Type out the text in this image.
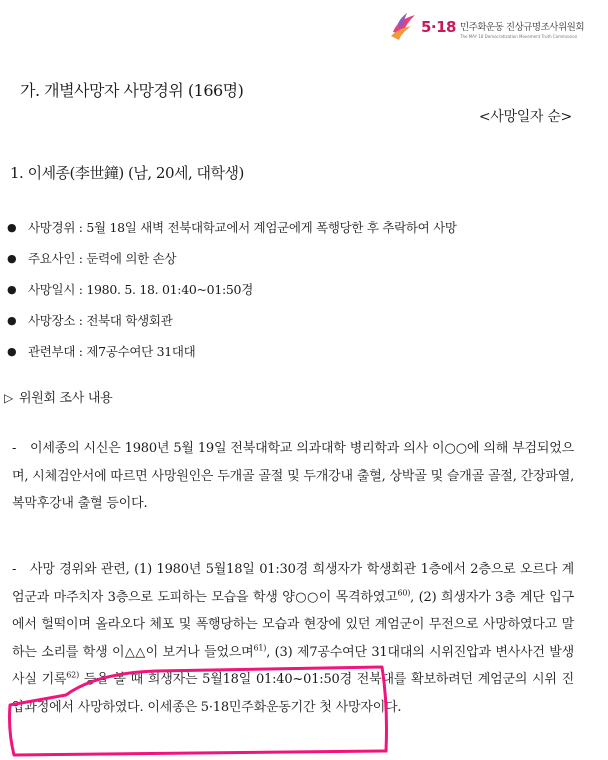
5·18 민주화운동 진상규명조사위원회
The MAY 18 Democratization Movement Truth Commission
가. 개별사망자 사망경위 (166명)
<사망일자 순>
1. 이세종(李世鐘) (남, 20세, 대학생)
● 사망경위 : 5월 18일 새벽 전북대학교에서 계엄군에게 폭행당한 후 추락하여 사망
● 주요사인 : 둔력에 의한 손상
● 사망일시 : 1980. 5. 18. 01:40~01:50경
● 사망장소 : 전북대 학생회관
● 관련부대 : 제7공수여단 31대대
▷ 위원회 조사 내용

- 이세종의 시신은 1980년 5월 19일 전북대학교 의과대학 병리학과 의사 이○○에 의해 부검되었으며, 시체검안서에 따르면 사망원인은 두개골 골절 및 두개강내 출혈, 상박골 및 슬개골 골절, 간장파열, 복막후강내 출혈 등이다.

- 사망 경위와 관련, (1) 1980년 5월18일 01:30경 희생자가 학생회관 1층에서 2층으로 오르다 계엄군과 마주치자 3층으로 도피하는 모습을 학생 양○○이 목격하였고$^{60)}$, (2) 희생자가 3층 계단 입구에서 헐떡이며 올라오다 체포 및 폭행당하는 모습과 현장에 있던 계엄군이 무전으로 사망하였다고 말하는 소리를 학생 이△△이 보거나 들었으며$^{61)}$, (3) 제7공수여단 31대대의 시위진압과 변사사건 발생사실 기록$^{62)}$ 등을 볼 때 희생자는 5월18일 01:40~01:50경 전북대를 확보하려던 계엄군의 시위 진압과정에서 사망하였다. 이세종은 5·18민주화운동기간 첫 사망자이다.
